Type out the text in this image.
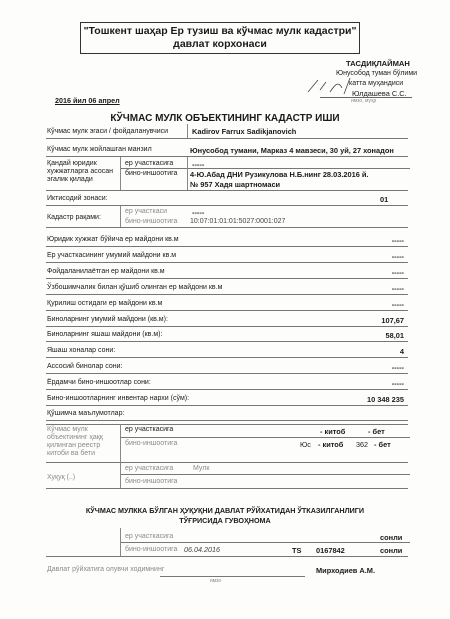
"Тошкент шаҳар Ер тузиш ва кўчмас мулк кадастри"
давлат корхонаси
ТАСДИҚЛАЙМАН
Юнусобод туман бўлими
катта муҳандиси
Юлдашева С.С.
имзо, муҳр
2016 йил 06 апрел
КЎЧМАС МУЛК ОБЪЕКТИНИНГ КАДАСТР ИШИ
Кўчмас мулк эгаси / фойдаланувчиси	Kadirov Farrux Sadikjanovich
Кўчмас мулк жойлашган манзил	Юнусобод тумани, Марказ 4 мавзеси, 30 уй, 27 хонадон
Қандай юридик
хужжатларга асосан
эгалик қилади
ер участкасига	-----
бино-иншоотига 4-Ю.Абад ДНИ Рузикулова Н.Б.нинг 28.03.2016 й.
№ 957 Хадя шартномаси
Иктисодий зонаси:	01
Кадастр рақами:
ер участкаси	-----
бино-иншоотига 10:07:01:01:01:5027:0001:027
Юридик хужжат бўйича ер майдони кв.м	-----
Ер участкасининг умумий майдони кв.м	-----
Фойдаланилаётган ер майдони кв.м	-----
Ўзбошимчалик билан қўшиб олинган ер майдони кв.м	-----
Қурилиш остидаги ер майдони кв.м	-----
Биноларнинг умумий майдони (кв.м):	107,67
Биноларнинг яшаш майдони (кв.м):	58,01
Яшаш хоналар сони:	4
Ассосий бинолар сони:	-----
Ёрдамчи бино-иншоотлар сони:	-----
Бино-иншоотларнинг инвентар нархи (сўм):	10 348 235
Қўшимча маълумотлар:
Кўчмас мулк
объектининг ҳаққ
қилинган реестр
китоби ва бети
ер участкасига	- китоб	- бет
бино-иншоотига	Юс - китоб 362 - бет
Хуқуқ (..)
ер участкасига	Мулк
бино-иншоотига
КЎЧМАС МУЛККА БЎЛГАН ҲУҚУҚНИ ДАВЛАТ РЎЙХАТИДАН ЎТКАЗИЛГАНЛИГИ
ТЎҒРИСИДА ГУВОҲНОМА
ер участкасига	сонли
бино-иншоотига 06.04.2016	TS 0167842	сонли
Давлат рўйхатига олувчи ходимнинг	Мирходиев А.М.
имзо
